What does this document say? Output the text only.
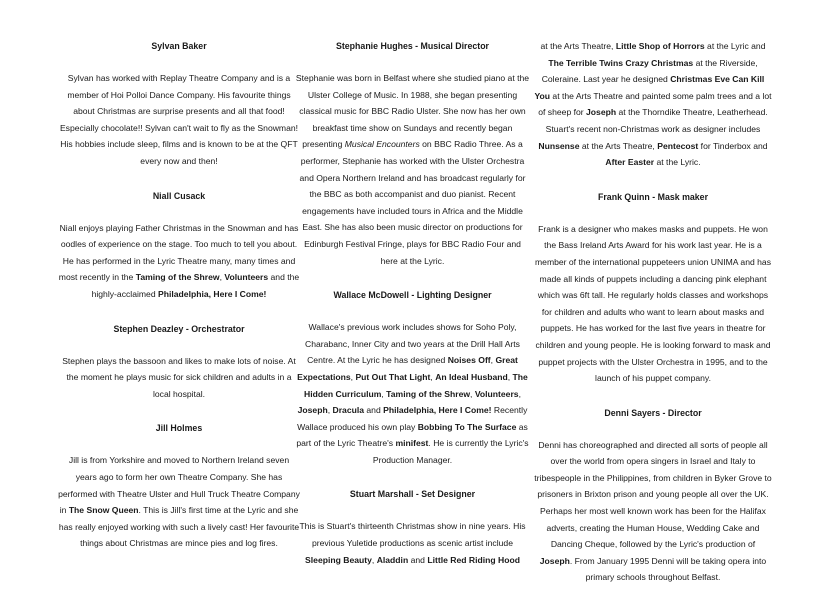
Sylvan Baker

Sylvan has worked with Replay Theatre Company and is a member of Hoi Polloi Dance Company. His favourite things about Christmas are surprise presents and all that food! Especially chocolate!! Sylvan can't wait to fly as the Snowman! His hobbies include sleep, films and is known to be at the QFT every now and then!

Niall Cusack

Niall enjoys playing Father Christmas in the Snowman and has oodles of experience on the stage. Too much to tell you about. He has performed in the Lyric Theatre many, many times and most recently in the Taming of the Shrew, Volunteers and the highly-acclaimed Philadelphia, Here I Come!

Stephen Deazley - Orchestrator

Stephen plays the bassoon and likes to make lots of noise. At the moment he plays music for sick children and adults in a local hospital.

Jill Holmes

Jill is from Yorkshire and moved to Northern Ireland seven years ago to form her own Theatre Company. She has performed with Theatre Ulster and Hull Truck Theatre Company in The Snow Queen. This is Jill's first time at the Lyric and she has really enjoyed working with such a lively cast! Her favourite things about Christmas are mince pies and log fires.

Stephanie Hughes - Musical Director

Stephanie was born in Belfast where she studied piano at the Ulster College of Music. In 1988, she began presenting classical music for BBC Radio Ulster. She now has her own breakfast time show on Sundays and recently began presenting Musical Encounters on BBC Radio Three. As a performer, Stephanie has worked with the Ulster Orchestra and Opera Northern Ireland and has broadcast regularly for the BBC as both accompanist and duo pianist. Recent engagements have included tours in Africa and the Middle East. She has also been music director on productions for Edinburgh Festival Fringe, plays for BBC Radio Four and here at the Lyric.

Wallace McDowell - Lighting Designer

Wallace's previous work includes shows for Soho Poly, Charabanc, Inner City and two years at the Drill Hall Arts Centre. At the Lyric he has designed Noises Off, Great Expectations, Put Out That Light, An Ideal Husband, The Hidden Curriculum, Taming of the Shrew, Volunteers, Joseph, Dracula and Philadelphia, Here I Come! Recently Wallace produced his own play Bobbing To The Surface as part of the Lyric Theatre's minifest. He is currently the Lyric's Production Manager.

Stuart Marshall - Set Designer

This is Stuart's thirteenth Christmas show in nine years. His previous Yuletide productions as scenic artist include Sleeping Beauty, Aladdin and Little Red Riding Hood

at the Arts Theatre, Little Shop of Horrors at the Lyric and The Terrible Twins Crazy Christmas at the Riverside, Coleraine. Last year he designed Christmas Eve Can Kill You at the Arts Theatre and painted some palm trees and a lot of sheep for Joseph at the Thorndike Theatre, Leatherhead. Stuart's recent non-Christmas work as designer includes Nunsense at the Arts Theatre, Pentecost for Tinderbox and After Easter at the Lyric.

Frank Quinn - Mask maker

Frank is a designer who makes masks and puppets. He won the Bass Ireland Arts Award for his work last year. He is a member of the international puppeteers union UNIMA and has made all kinds of puppets including a dancing pink elephant which was 6ft tall. He regularly holds classes and workshops for children and adults who want to learn about masks and puppets. He has worked for the last five years in theatre for children and young people. He is looking forward to mask and puppet projects with the Ulster Orchestra in 1995, and to the launch of his puppet company.

Denni Sayers - Director

Denni has choreographed and directed all sorts of people all over the world from opera singers in Israel and Italy to tribespeople in the Philippines, from children in Byker Grove to prisoners in Brixton prison and young people all over the UK. Perhaps her most well known work has been for the Halifax adverts, creating the Human House, Wedding Cake and Dancing Cheque, followed by the Lyric's production of Joseph. From January 1995 Denni will be taking opera into primary schools throughout Belfast.
